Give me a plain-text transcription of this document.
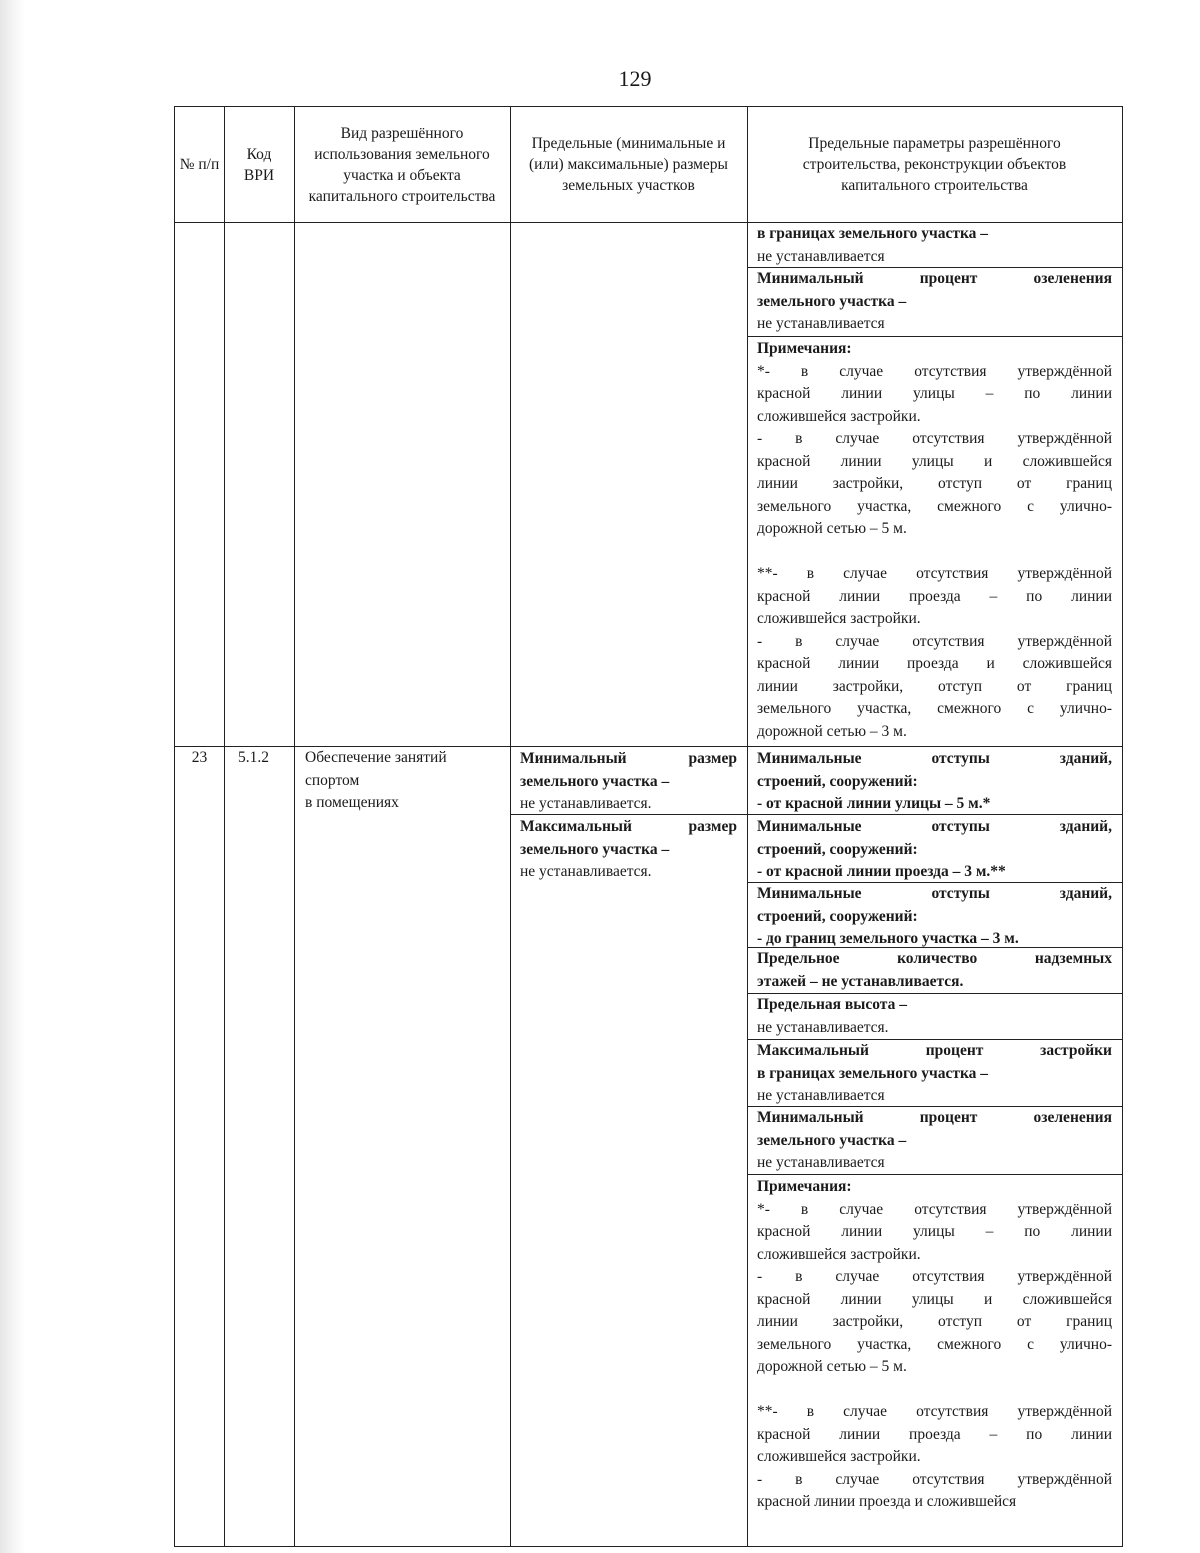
129
№ п/п
Код ВРИ
Вид разрешённого использования земельного участка и объекта капитального строительства
Предельные (минимальные и (или) максимальные) размеры земельных участков
Предельные параметры разрешённого строительства, реконструкции объектов капитального строительства
в границах земельного участка –
не устанавливается
Минимальный процент озеленения
земельного участка –
не устанавливается
Примечания:
*- в случае отсутствия утверждённой
красной линии улицы – по линии
сложившейся застройки.
- в случае отсутствия утверждённой
красной линии улицы и сложившейся
линии застройки, отступ от границ
земельного участка, смежного с улично-
дорожной сетью – 5 м.
**- в случае отсутствия утверждённой
красной линии проезда – по линии
сложившейся застройки.
- в случае отсутствия утверждённой
красной линии проезда и сложившейся
линии застройки, отступ от границ
земельного участка, смежного с улично-
дорожной сетью – 3 м.
23	5.1.2	Обеспечение занятий
спортом
в помещениях
Минимальный размер
земельного участка –
не устанавливается.
Максимальный размер
земельного участка –
не устанавливается.
Минимальные отступы зданий,
строений, сооружений:
- от красной линии улицы – 5 м.*
Минимальные отступы зданий,
строений, сооружений:
- от красной линии проезда – 3 м.**
Минимальные отступы зданий,
строений, сооружений:
- до границ земельного участка – 3 м.
Предельное количество надземных
этажей – не устанавливается.
Предельная высота –
не устанавливается.
Максимальный процент застройки
в границах земельного участка –
не устанавливается
Минимальный процент озеленения
земельного участка –
не устанавливается
Примечания:
*- в случае отсутствия утверждённой
красной линии улицы – по линии
сложившейся застройки.
- в случае отсутствия утверждённой
красной линии улицы и сложившейся
линии застройки, отступ от границ
земельного участка, смежного с улично-
дорожной сетью – 5 м.
**- в случае отсутствия утверждённой
красной линии проезда – по линии
сложившейся застройки.
- в случае отсутствия утверждённой
красной линии проезда и сложившейся
